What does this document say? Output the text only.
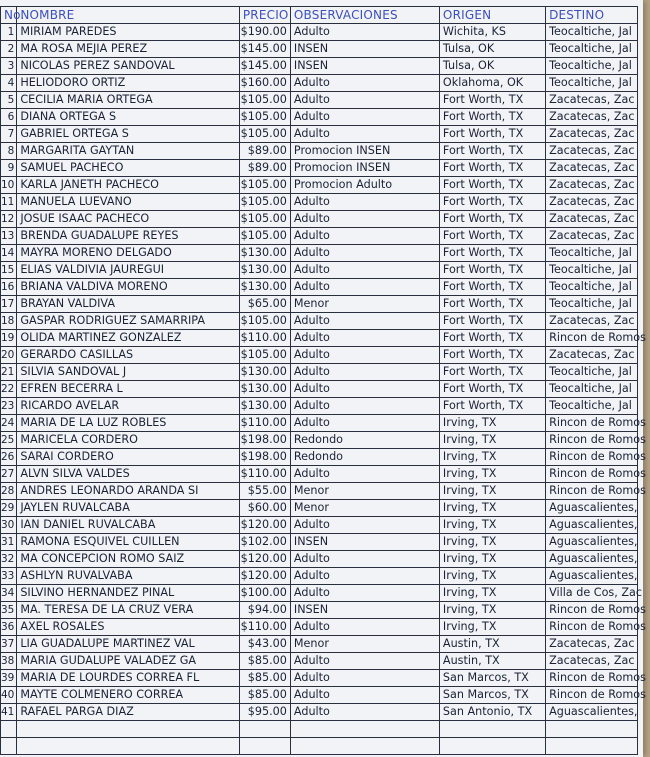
No.	NOMBRE	PRECIO	OBSERVACIONES	ORIGEN	DESTINO
1	MIRIAM PAREDES	$190.00	Adulto	Wichita, KS	Teocaltiche, Jal
2	MA ROSA MEJIA PEREZ	$145.00	INSEN	Tulsa, OK	Teocaltiche, Jal
3	NICOLAS PEREZ SANDOVAL	$145.00	INSEN	Tulsa, OK	Teocaltiche, Jal
4	HELIODORO ORTIZ	$160.00	Adulto	Oklahoma, OK	Teocaltiche, Jal
5	CECILIA MARIA ORTEGA	$105.00	Adulto	Fort Worth, TX	Zacatecas, Zac
6	DIANA ORTEGA S	$105.00	Adulto	Fort Worth, TX	Zacatecas, Zac
7	GABRIEL ORTEGA S	$105.00	Adulto	Fort Worth, TX	Zacatecas, Zac
8	MARGARITA GAYTAN	$89.00	Promocion INSEN	Fort Worth, TX	Zacatecas, Zac
9	SAMUEL PACHECO	$89.00	Promocion INSEN	Fort Worth, TX	Zacatecas, Zac
10	KARLA JANETH PACHECO	$105.00	Promocion Adulto	Fort Worth, TX	Zacatecas, Zac
11	MANUELA LUEVANO	$105.00	Adulto	Fort Worth, TX	Zacatecas, Zac
12	JOSUE ISAAC PACHECO	$105.00	Adulto	Fort Worth, TX	Zacatecas, Zac
13	BRENDA GUADALUPE REYES	$105.00	Adulto	Fort Worth, TX	Zacatecas, Zac
14	MAYRA MORENO DELGADO	$130.00	Adulto	Fort Worth, TX	Teocaltiche, Jal
15	ELIAS VALDIVIA JAUREGUI	$130.00	Adulto	Fort Worth, TX	Teocaltiche, Jal
16	BRIANA VALDIVA MORENO	$130.00	Adulto	Fort Worth, TX	Teocaltiche, Jal
17	BRAYAN VALDIVA	$65.00	Menor	Fort Worth, TX	Teocaltiche, Jal
18	GASPAR RODRIGUEZ SAMARRIPA	$105.00	Adulto	Fort Worth, TX	Zacatecas, Zac
19	OLIDA MARTINEZ GONZALEZ	$110.00	Adulto	Fort Worth, TX	Rincon de Romos
20	GERARDO CASILLAS	$105.00	Adulto	Fort Worth, TX	Zacatecas, Zac
21	SILVIA SANDOVAL J	$130.00	Adulto	Fort Worth, TX	Teocaltiche, Jal
22	EFREN BECERRA L	$130.00	Adulto	Fort Worth, TX	Teocaltiche, Jal
23	RICARDO AVELAR	$130.00	Adulto	Fort Worth, TX	Teocaltiche, Jal
24	MARIA DE LA LUZ ROBLES	$110.00	Adulto	Irving, TX	Rincon de Romos
25	MARICELA CORDERO	$198.00	Redondo	Irving, TX	Rincon de Romos
26	SARAI CORDERO	$198.00	Redondo	Irving, TX	Rincon de Romos
27	ALVN SILVA VALDES	$110.00	Adulto	Irving, TX	Rincon de Romos
28	ANDRES LEONARDO ARANDA SI	$55.00	Menor	Irving, TX	Rincon de Romos
29	JAYLEN RUVALCABA	$60.00	Menor	Irving, TX	Aguascalientes,
30	IAN DANIEL RUVALCABA	$120.00	Adulto	Irving, TX	Aguascalientes,
31	RAMONA ESQUIVEL CUILLEN	$102.00	INSEN	Irving, TX	Aguascalientes,
32	MA CONCEPCION ROMO SAIZ	$120.00	Adulto	Irving, TX	Aguascalientes,
33	ASHLYN RUVALVABA	$120.00	Adulto	Irving, TX	Aguascalientes,
34	SILVINO HERNANDEZ PINAL	$100.00	Adulto	Irving, TX	Villa de Cos, Zac
35	MA. TERESA DE LA CRUZ VERA	$94.00	INSEN	Irving, TX	Rincon de Romos
36	AXEL ROSALES	$110.00	Adulto	Irving, TX	Rincon de Romos
37	LIA GUADALUPE MARTINEZ VAL	$43.00	Menor	Austin, TX	Zacatecas, Zac
38	MARIA GUDALUPE VALADEZ GA	$85.00	Adulto	Austin, TX	Zacatecas, Zac
39	MARIA DE LOURDES CORREA FL	$85.00	Adulto	San Marcos, TX	Rincon de Romos
40	MAYTE COLMENERO CORREA	$85.00	Adulto	San Marcos, TX	Rincon de Romos
41	RAFAEL PARGA DIAZ	$95.00	Adulto	San Antonio, TX	Aguascalientes,
